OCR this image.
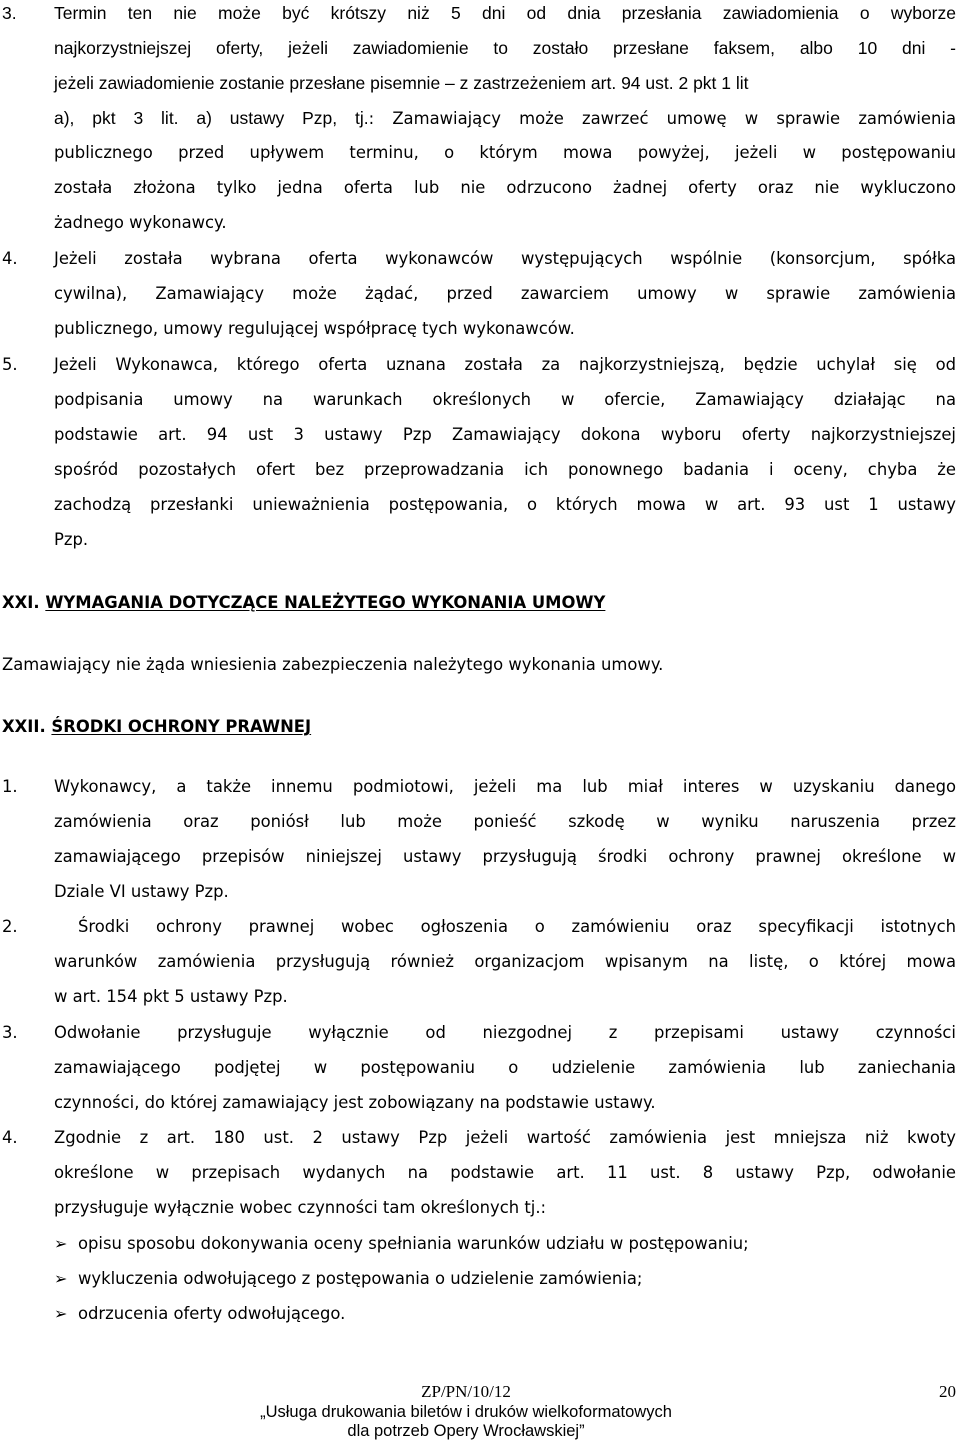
3. Termin ten nie może być krótszy niż 5 dni od dnia przesłania zawiadomienia o wyborze
najkorzystniejszej oferty, jeżeli zawiadomienie to zostało przesłane faksem, albo 10 dni -
jeżeli zawiadomienie zostanie przesłane pisemnie – z zastrzeżeniem art. 94 ust. 2 pkt 1 lit
a), pkt 3 lit. a) ustawy Pzp, tj.: Zamawiający może zawrzeć umowę w sprawie zamówienia
publicznego przed upływem terminu, o którym mowa powyżej, jeżeli w postępowaniu
została złożona tylko jedna oferta lub nie odrzucono żadnej oferty oraz nie wykluczono
żadnego wykonawcy.
4. Jeżeli została wybrana oferta wykonawców występujących wspólnie (konsorcjum, spółka
cywilna), Zamawiający może żądać, przed zawarciem umowy w sprawie zamówienia
publicznego, umowy regulującej współpracę tych wykonawców.
5. Jeżeli Wykonawca, którego oferta uznana została za najkorzystniejszą, będzie uchylał się od
podpisania umowy na warunkach określonych w ofercie, Zamawiający działając na
podstawie art. 94 ust 3 ustawy Pzp Zamawiający dokona wyboru oferty najkorzystniejszej
spośród pozostałych ofert bez przeprowadzania ich ponownego badania i oceny, chyba że
zachodzą przesłanki unieważnienia postępowania, o których mowa w art. 93 ust 1 ustawy
Pzp.
XXI. WYMAGANIA DOTYCZĄCE NALEŻYTEGO WYKONANIA UMOWY
Zamawiający nie żąda wniesienia zabezpieczenia należytego wykonania umowy.
XXII. ŚRODKI OCHRONY PRAWNEJ
1. Wykonawcy, a także innemu podmiotowi, jeżeli ma lub miał interes w uzyskaniu danego
zamówienia oraz poniósł lub może ponieść szkodę w wyniku naruszenia przez
zamawiającego przepisów niniejszej ustawy przysługują środki ochrony prawnej określone w
Dziale VI ustawy Pzp.
2.	Środki ochrony prawnej wobec ogłoszenia o zamówieniu oraz specyfikacji istotnych
warunków zamówienia przysługują również organizacjom wpisanym na listę, o której mowa
w art. 154 pkt 5 ustawy Pzp.
3. Odwołanie przysługuje wyłącznie od niezgodnej z przepisami ustawy czynności
zamawiającego podjętej w postępowaniu o udzielenie zamówienia lub zaniechania
czynności, do której zamawiający jest zobowiązany na podstawie ustawy.
4. Zgodnie z art. 180 ust. 2 ustawy Pzp jeżeli wartość zamówienia jest mniejsza niż kwoty
określone w przepisach wydanych na podstawie art. 11 ust. 8 ustawy Pzp, odwołanie
przysługuje wyłącznie wobec czynności tam określonych tj.:
➢ opisu sposobu dokonywania oceny spełniania warunków udziału w postępowaniu;
➢ wykluczenia odwołującego z postępowania o udzielenie zamówienia;
➢ odrzucenia oferty odwołującego.
ZP/PN/10/12
„Usługa drukowania biletów i druków wielkoformatowych
dla potrzeb Opery Wrocławskiej”
20
